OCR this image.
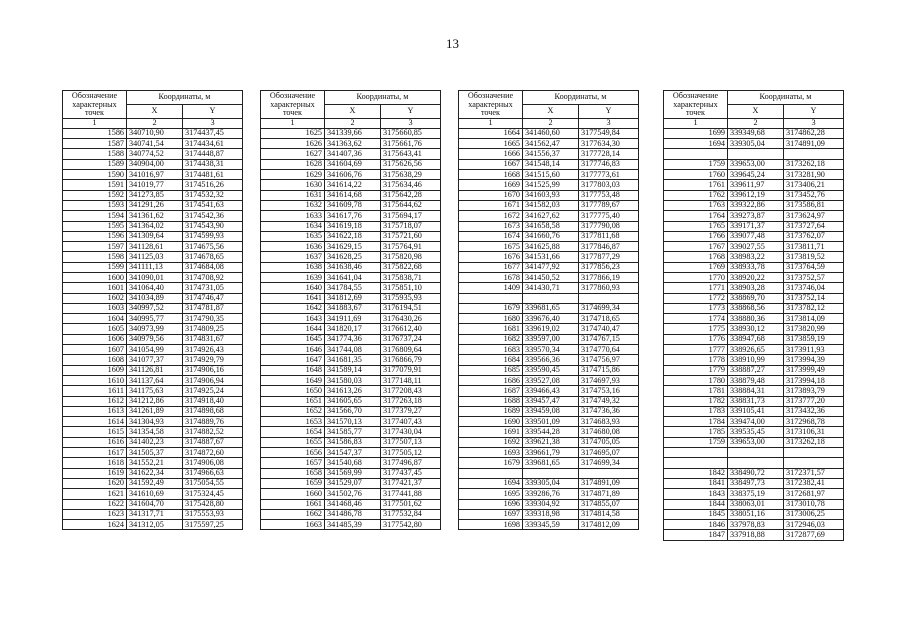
13
Обозначение характерных точек	Координаты, м	
	X	Y
1	2	3
1586	340710,90	3174437,45
1587	340741,54	3174434,61
1588	340774,52	3174448,87
1589	340904,00	3174438,31
1590	341016,97	3174481,61
1591	341019,77	3174516,26
1592	341273,85	3174532,32
1593	341291,26	3174541,63
1594	341361,62	3174542,36
1595	341364,02	3174543,90
1596	341309,64	3174599,93
1597	341128,61	3174675,56
1598	341125,03	3174678,65
1599	341111,13	3174684,08
1600	341090,01	3174708,92
1601	341064,40	3174731,05
1602	341034,89	3174746,47
1603	340997,52	3174781,87
1604	340995,77	3174790,35
1605	340973,99	3174809,25
1606	340979,56	3174831,67
1607	341054,99	3174926,43
1608	341077,37	3174929,79
1609	341126,81	3174906,16
1610	341137,64	3174906,94
1611	341175,63	3174925,24
1612	341212,86	3174918,40
1613	341261,89	3174898,68
1614	341304,93	3174889,76
1615	341354,58	3174882,52
1616	341402,23	3174887,67
1617	341505,37	3174872,60
1618	341552,21	3174906,08
1619	341622,34	3174966,63
1620	341592,49	3175054,55
1621	341610,69	3175324,45
1622	341604,70	3175428,80
1623	341317,71	3175553,93
1624	341312,05	3175597,25
Обозначение характерных точек	Координаты, м	
	X	Y
1	2	3
1625	341339,66	3175660,85
1626	341363,62	3175661,76
1627	341407,36	3175643,41
1628	341604,69	3175626,56
1629	341606,76	3175638,29
1630	341614,22	3175634,46
1631	341614,68	3175642,28
1632	341609,78	3175644,62
1633	341617,76	3175694,17
1634	341619,18	3175718,07
1635	341622,18	3175721,60
1636	341629,15	3175764,91
1637	341628,25	3175820,98
1638	341638,46	3175822,68
1639	341641,04	3175838,71
1640	341784,55	3175851,10
1641	341812,69	3175935,93
1642	341883,67	3176194,51
1643	341911,69	3176430,26
1644	341820,17	3176612,40
1645	341774,36	3176737,24
1646	341744,08	3176809,64
1647	341681,35	3176866,79
1648	341589,14	3177079,91
1649	341580,03	3177148,11
1650	341613,26	3177208,43
1651	341605,65	3177263,18
1652	341566,70	3177379,27
1653	341570,13	3177407,43
1654	341585,77	3177430,04
1655	341586,83	3177507,13
1656	341547,37	3177505,12
1657	341540,68	3177496,87
1658	341569,99	3177437,45
1659	341529,07	3177421,37
1660	341502,76	3177441,88
1661	341468,46	3177501,62
1662	341486,78	3177532,84
1663	341485,39	3177542,80
Обозначение характерных точек	Координаты, м	
	X	Y
1	2	3
1664	341460,60	3177549,84
1665	341562,47	3177634,30
1666	341556,37	3177728,14
1667	341548,14	3177746,83
1668	341515,60	3177773,61
1669	341525,99	3177803,03
1670	341603,93	3177753,48
1671	341582,03	3177789,67
1672	341627,62	3177775,40
1673	341658,58	3177790,08
1674	341660,76	3177811,68
1675	341625,88	3177846,87
1676	341531,66	3177877,29
1677	341477,92	3177856,23
1678	341450,52	3177866,19
1409	341430,71	3177860,93

1679	339681,65	3174699,34
1680	339676,40	3174718,65
1681	339619,02	3174740,47
1682	339597,00	3174767,15
1683	339570,34	3174770,64
1684	339566,36	3174756,97
1685	339590,45	3174715,86
1686	339527,08	3174697,93
1687	339466,43	3174753,16
1688	339457,47	3174749,32
1689	339459,08	3174736,36
1690	339501,09	3174683,93
1691	339544,28	3174680,08
1692	339621,38	3174705,05
1693	339661,79	3174695,07
1679	339681,65	3174699,34

1694	339305,04	3174891,09
1695	339286,76	3174871,89
1696	339304,92	3174855,07
1697	339318,98	3174814,58
1698	339345,59	3174812,09
Обозначение характерных точек	Координаты, м	
	X	Y
1	2	3
1699	339349,68	3174862,28
1694	339305,04	3174891,09

1759	339653,00	3173262,18
1760	339645,24	3173281,90
1761	339611,97	3173406,21
1762	339612,19	3173452,76
1763	339322,86	3173586,81
1764	339273,87	3173624,97
1765	339171,37	3173727,64
1766	339077,48	3173762,07
1767	339027,55	3173811,71
1768	338983,22	3173819,52
1769	338933,78	3173764,59
1770	338920,22	3173752,57
1771	338903,28	3173746,04
1772	338869,70	3173752,14
1773	338868,56	3173782,12
1774	338880,36	3173814,09
1775	338930,12	3173820,99
1776	338947,68	3173859,19
1777	338926,65	3173911,93
1778	338910,99	3173994,39
1779	338887,27	3173999,49
1780	338879,48	3173994,18
1781	338884,31	3173893,79
1782	338831,73	3173777,20
1783	339105,41	3173432,36
1784	339474,00	3172968,78
1785	339535,45	3173106,31
1759	339653,00	3173262,18

1842	338490,72	3172371,57
1841	338497,73	3172382,41
1843	338375,19	3172681,97
1844	338063,01	3173010,78
1845	338051,16	3173006,25
1846	337978,83	3172946,03
1847	337918,88	3172877,69
